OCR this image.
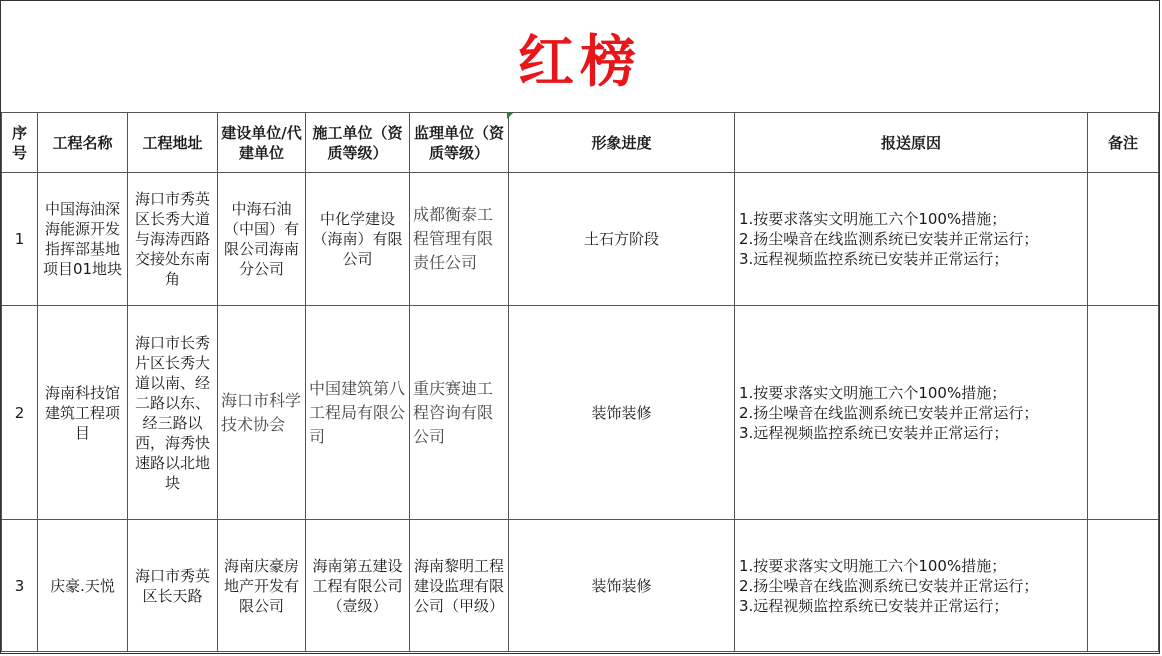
红榜
序号	工程名称	工程地址	建设单位/代建单位	施工单位（资质等级）	监理单位（资质等级）	形象进度	报送原因	备注
1	中国海油深海能源开发指挥部基地项目01地块	海口市秀英区长秀大道与海涛西路交接处东南角	中海石油（中国）有限公司海南分公司	中化学建设（海南）有限公司	成都衡泰工程管理有限责任公司	土石方阶段	1.按要求落实文明施工六个100%措施；
2.扬尘噪音在线监测系统已安装并正常运行；
3.远程视频监控系统已安装并正常运行；	

2	海南科技馆建筑工程项目	海口市长秀片区长秀大道以南、经二路以东、经三路以西，海秀快速路以北地块	海口市科学技术协会	中国建筑第八工程局有限公司	重庆赛迪工程咨询有限公司	装饰装修	1.按要求落实文明施工六个100%措施；
2.扬尘噪音在线监测系统已安装并正常运行；
3.远程视频监控系统已安装并正常运行；	

3	庆豪.天悦	海口市秀英区长天路	海南庆豪房地产开发有限公司	海南第五建设工程有限公司（壹级）	海南黎明工程建设监理有限公司（甲级）	装饰装修	1.按要求落实文明施工六个100%措施；
2.扬尘噪音在线监测系统已安装并正常运行；
3.远程视频监控系统已安装并正常运行；	
